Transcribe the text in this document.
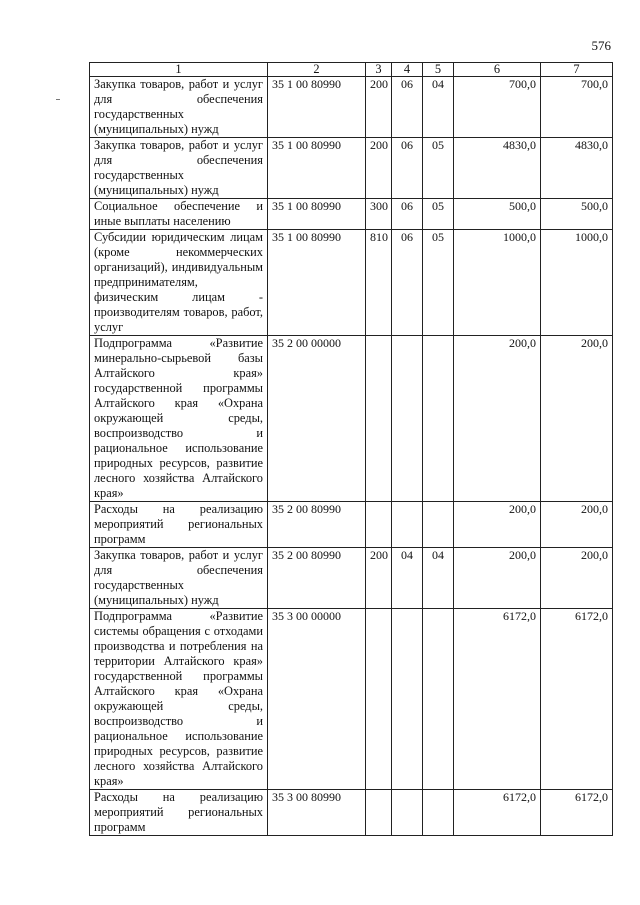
576
1	2	3	4	5	6	7
Закупка товаров, работ и услуг для обеспечения государственных (муниципальных) нужд	35 1 00 80990	200	06	04	700,0	700,0
Закупка товаров, работ и услуг для обеспечения государственных (муниципальных) нужд	35 1 00 80990	200	06	05	4830,0	4830,0
Социальное обеспечение и иные выплаты населению	35 1 00 80990	300	06	05	500,0	500,0
Субсидии юридическим лицам (кроме некоммерческих организаций), индивидуальным предпринимателям, физическим лицам - производителям товаров, работ, услуг	35 1 00 80990	810	06	05	1000,0	1000,0
Подпрограмма «Развитие минерально-сырьевой базы Алтайского края» государственной программы Алтайского края «Охрана окружающей среды, воспроизводство и рациональное использование природных ресурсов, развитие лесного хозяйства Алтайского края»	35 2 00 00000				200,0	200,0
Расходы на реализацию мероприятий региональных программ	35 2 00 80990				200,0	200,0
Закупка товаров, работ и услуг для обеспечения государственных (муниципальных) нужд	35 2 00 80990	200	04	04	200,0	200,0
Подпрограмма «Развитие системы обращения с отходами производства и потребления на территории Алтайского края» государственной программы Алтайского края «Охрана окружающей среды, воспроизводство и рациональное использование природных ресурсов, развитие лесного хозяйства Алтайского края»	35 3 00 00000				6172,0	6172,0
Расходы на реализацию мероприятий региональных программ	35 3 00 80990				6172,0	6172,0
